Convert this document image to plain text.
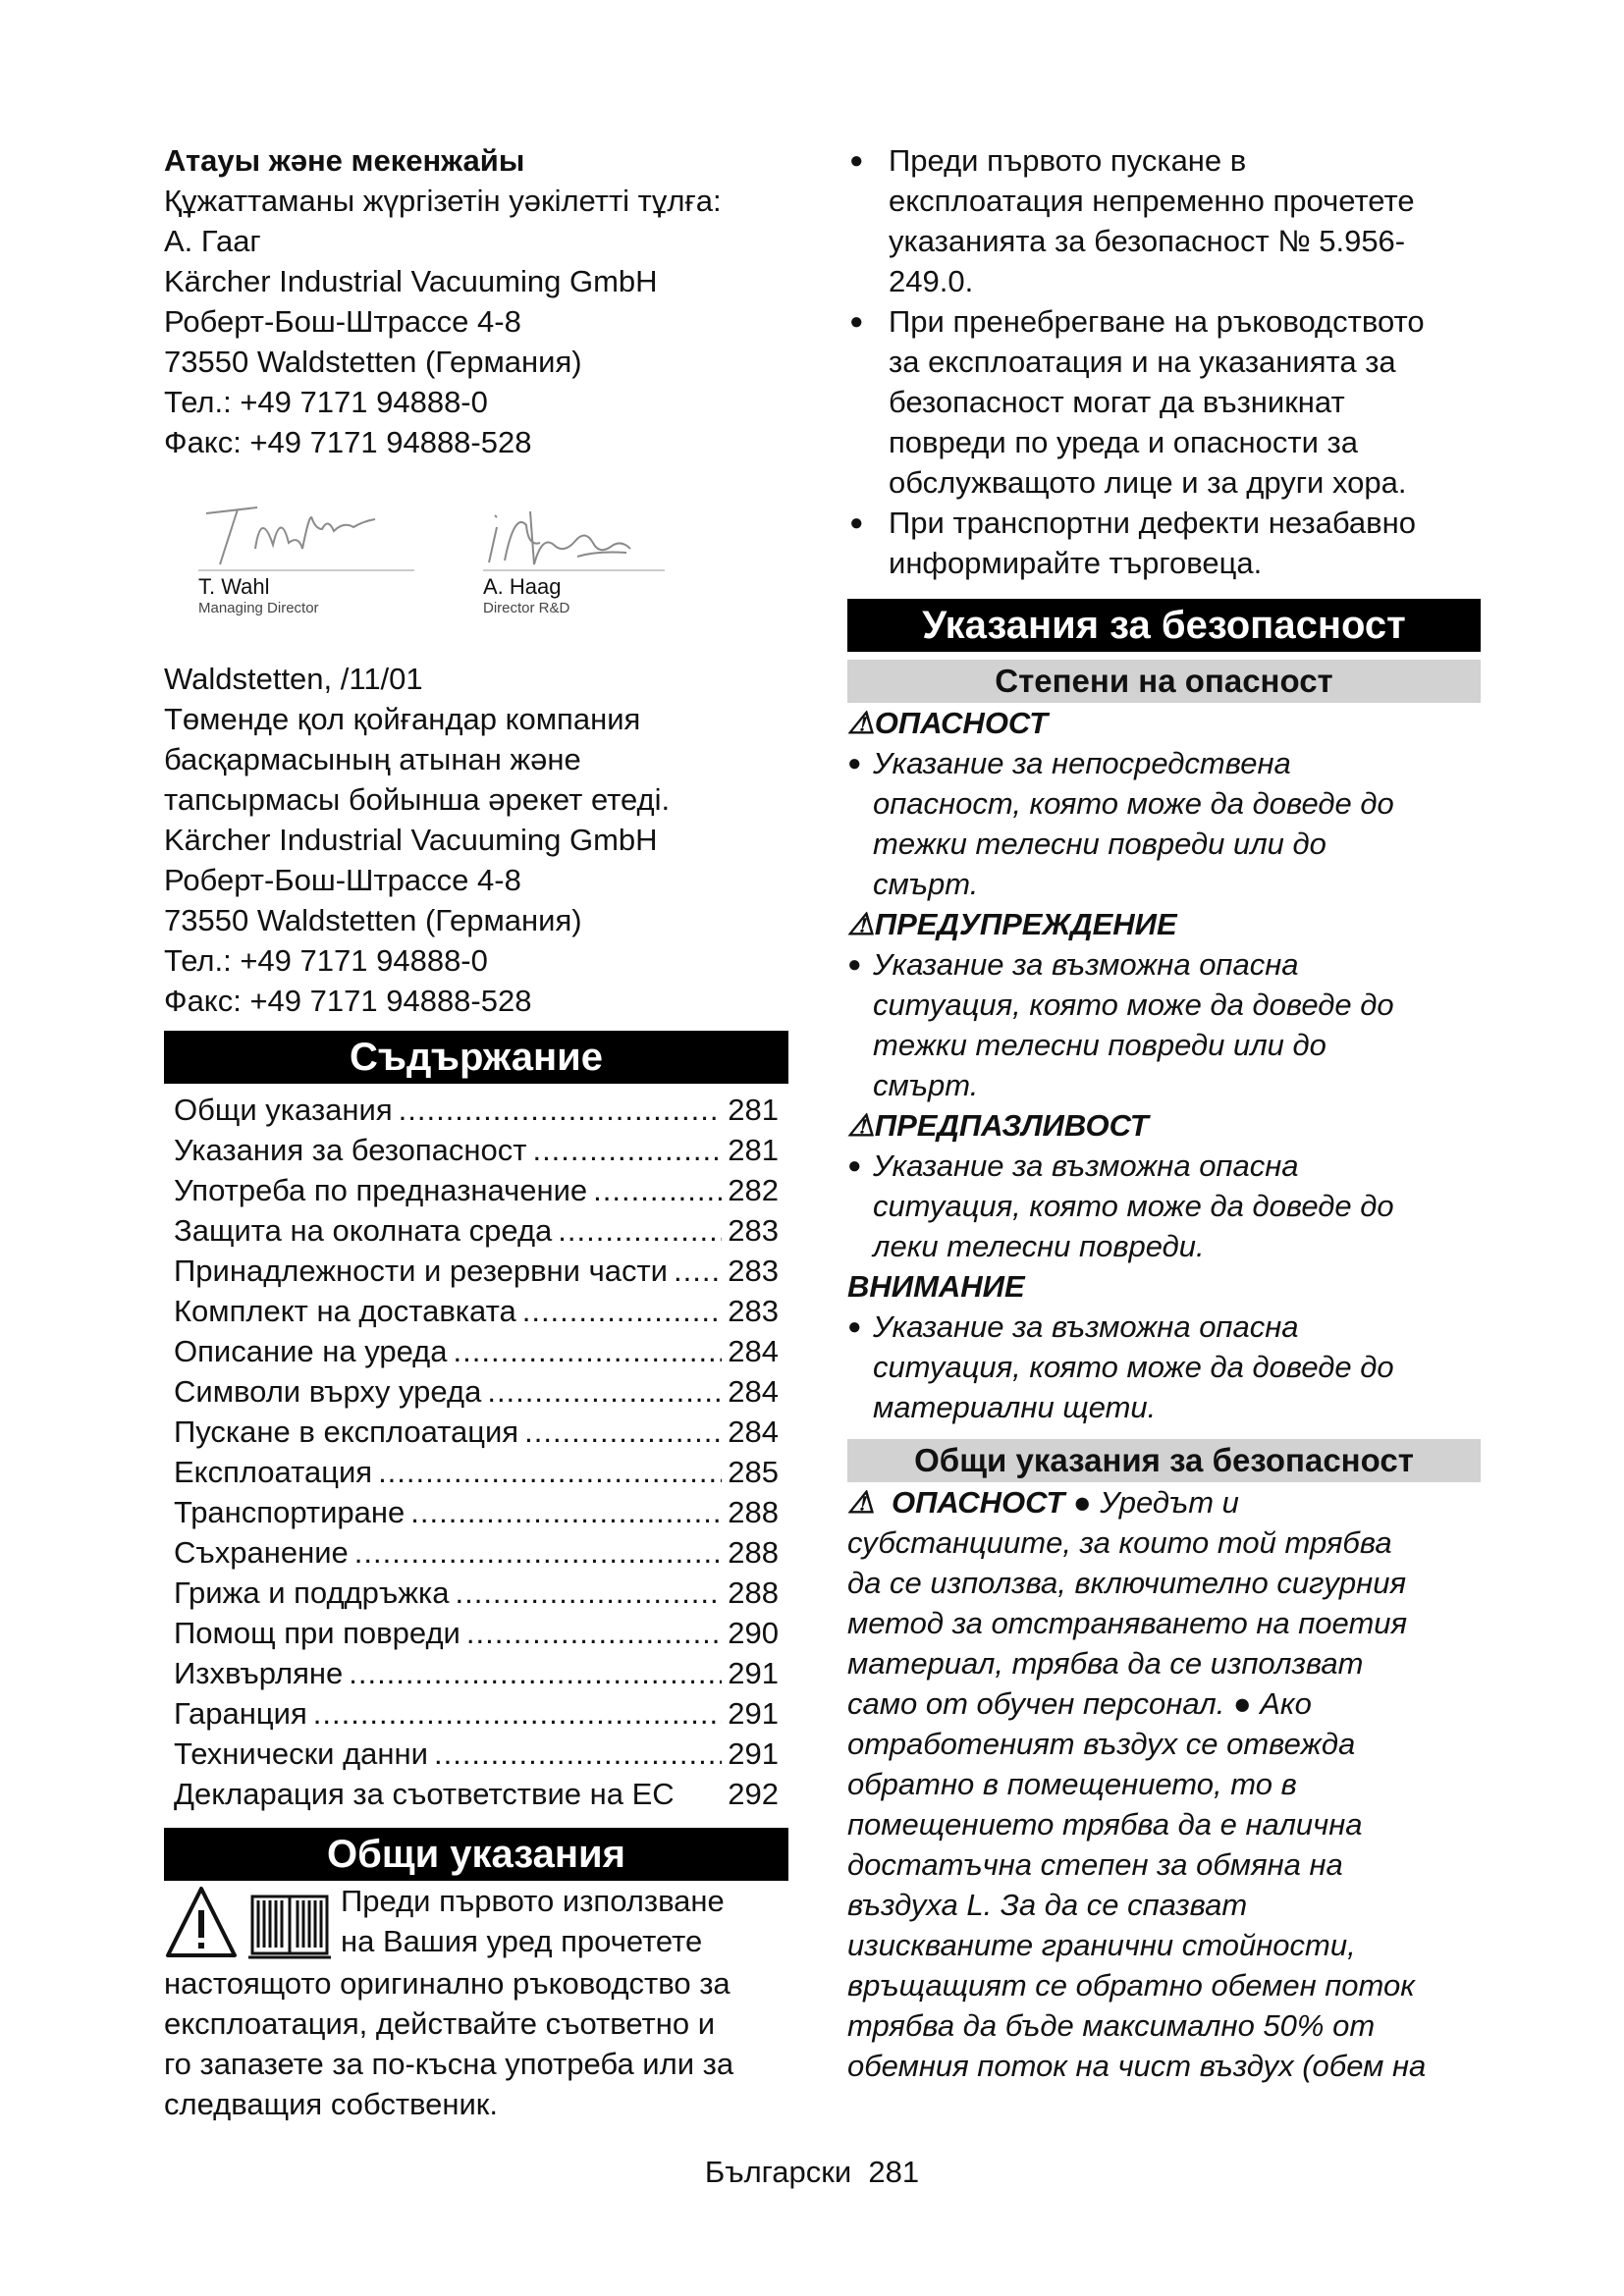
Атауы және мекенжайы

Құжаттаманы жүргізетін уәкілетті тұлға:

А. Гааг

Kärcher Industrial Vacuuming GmbH

Роберт-Бош-Штрассе 4-8

73550 Waldstetten (Германия)

Тел.: +49 7171 94888-0

Факс: +49 7171 94888-528

T. Wahl
Managing Director
A. Haag
Director R&D

Waldstetten, /11/01

Төменде қол қойғандар компания

басқармасының атынан және

тапсырмасы бойынша әрекет етеді.

Kärcher Industrial Vacuuming GmbH

Роберт-Бош-Штрассе 4-8

73550 Waldstetten (Германия)

Тел.: +49 7171 94888-0

Факс: +49 7171 94888-528

Съдържание
Общи указания .....	281
Указания за безопасност .....	281
Употреба по предназначение .....	282
Защита на околната среда .....	283
Принадлежности и резервни части ..... 283
Комплект на доставката .....	283
Описание на уреда .....	284
Символи върху уреда .....	284
Пускане в експлоатация .....	284
Експлоатация .....	285
Транспортиране .....	288
Съхранение .....	288
Грижа и поддръжка .....	288
Помощ при повреди .....	290
Изхвърляне .....	291
Гаранция .....	291
Технически данни .....	291
Декларация за съответствие на ЕС 292
Общи указания

Преди първото използване

на Вашия уред прочетете

настоящото оригинално ръководство за

експлоатация, действайте съответно и

го запазете за по-късна употреба или за

следващия собственик.

● Преди първото пускане в

експлоатация непременно прочетете

указанията за безопасност № 5.956-

249.0.

● При пренебрегване на ръководството

за експлоатация и на указанията за

безопасност могат да възникнат

повреди по уреда и опасности за

обслужващото лице и за други хора.

● При транспортни дефекти незабавно

информирайте търговеца.

Указания за безопасност
Степени на опасност

⚠ОПАСНОСТ

● Указание за непосредствена

опасност, която може да доведе до

тежки телесни повреди или до

смърт.

⚠ПРЕДУПРЕЖДЕНИЕ

● Указание за възможна опасна

ситуация, която може да доведе до

тежки телесни повреди или до

смърт.

⚠ПРЕДПАЗЛИВОСТ

● Указание за възможна опасна

ситуация, която може да доведе до

леки телесни повреди.

ВНИМАНИЕ

● Указание за възможна опасна

ситуация, която може да доведе до

материални щети.

Общи указания за безопасност

⚠  ОПАСНОСТ ● Уредът и

субстанциите, за които той трябва

да се използва, включително сигурния

метод за отстраняването на поетия

материал, трябва да се използват

само от обучен персонал. ● Ако

отработеният въздух се отвежда

обратно в помещението, то в

помещението трябва да е налична

достатъчна степен за обмяна на

въздуха L. За да се спазват

изискваните гранични стойности,

връщащият се обратно обемен поток

трябва да бъде максимално 50% от

обемния поток на чист въздух (обем на

Български  281
